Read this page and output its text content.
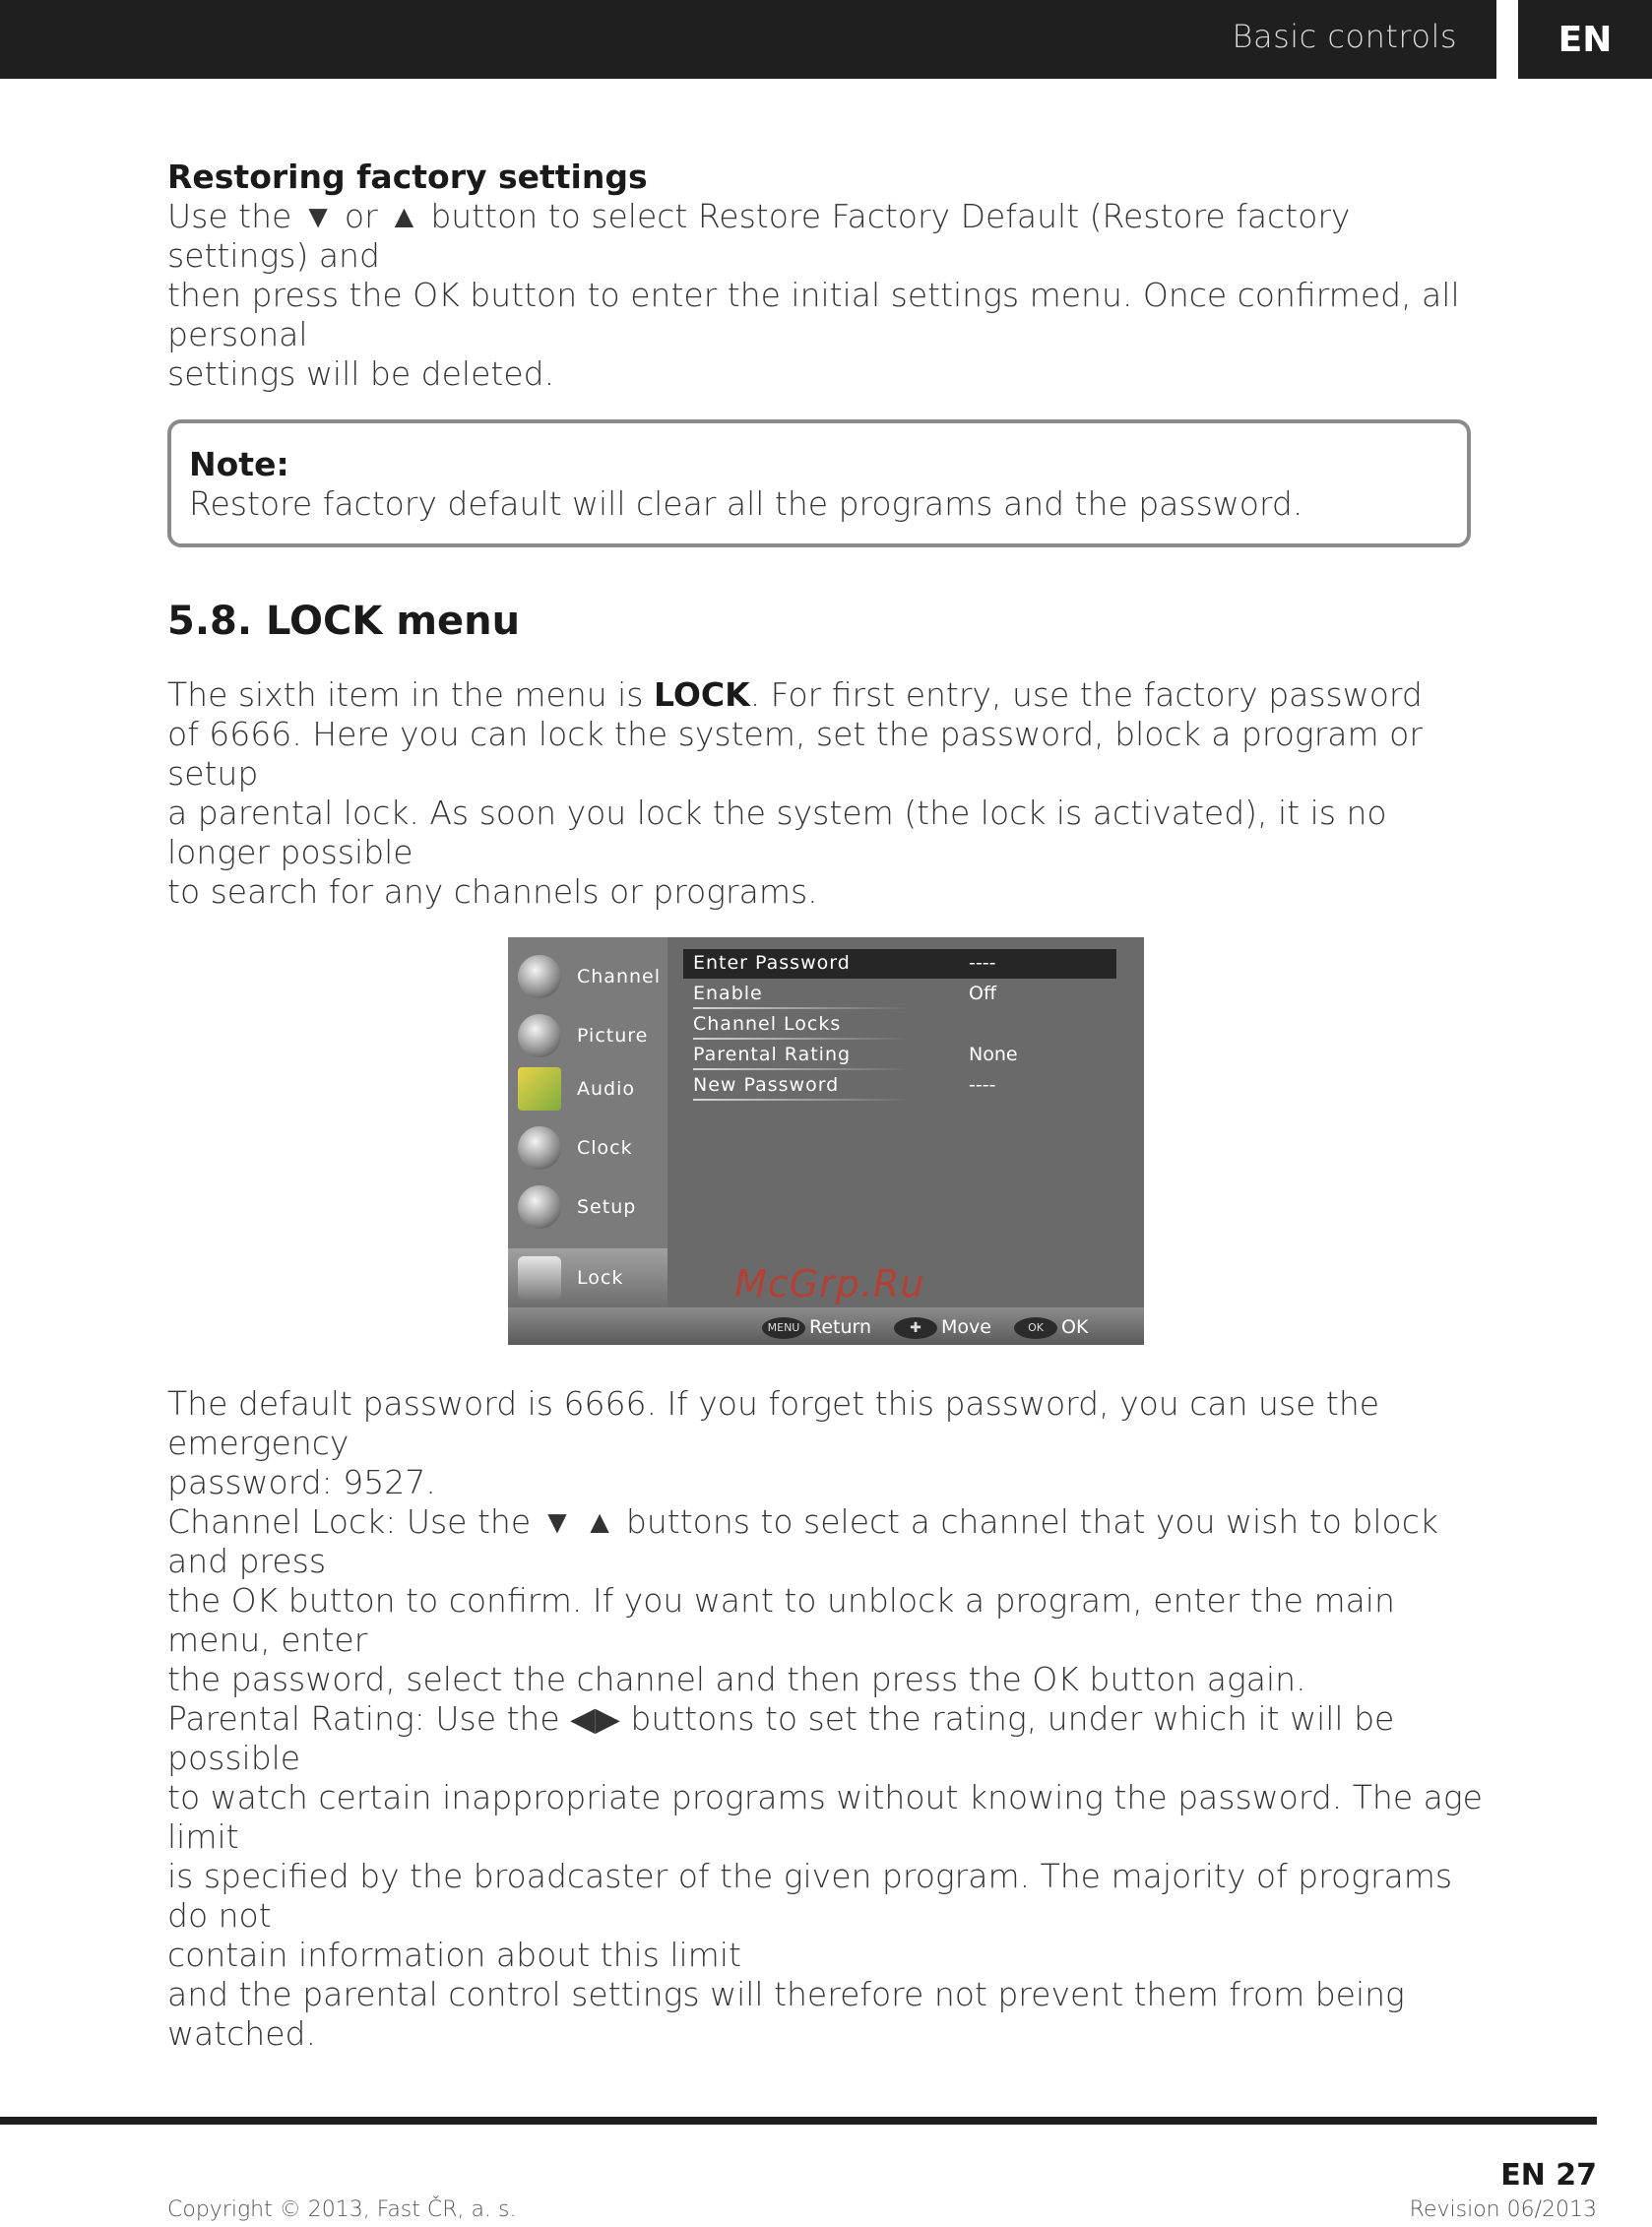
Basic controls	EN

Restoring factory settings

Use the ▼ or ▲ button to select Restore Factory Default (Restore factory settings) and

then press the OK button to enter the initial settings menu. Once confirmed, all personal

settings will be deleted.

Note:
Restore factory default will clear all the programs and the password.
5.8. LOCK menu

The sixth item in the menu is LOCK. For first entry, use the factory password

of 6666. Here you can lock the system, set the password, block a program or setup

a parental lock. As soon you lock the system (the lock is activated), it is no longer possible

to search for any channels or programs.

Channel
Picture
Audio
Clock
Setup
Lock
Enter Password	----
Enable	Off
Channel Locks
Parental Rating	None
New Password	----
McGrp.Ru
MENU Return	✚	Move	OK OK

The default password is 6666. If you forget this password, you can use the emergency

password: 9527.

Channel Lock: Use the ▼ ▲ buttons to select a channel that you wish to block and press

the OK button to confirm. If you want to unblock a program, enter the main menu, enter

the password, select the channel and then press the OK button again.

Parental Rating: Use the ◀▶ buttons to set the rating, under which it will be possible

to watch certain inappropriate programs without knowing the password. The age limit

is specified by the broadcaster of the given program. The majority of programs do not

contain information about this limit

and the parental control settings will therefore not prevent them from being watched.

EN 27
Copyright © 2013, Fast ČR, a. s.	Revision 06/2013
